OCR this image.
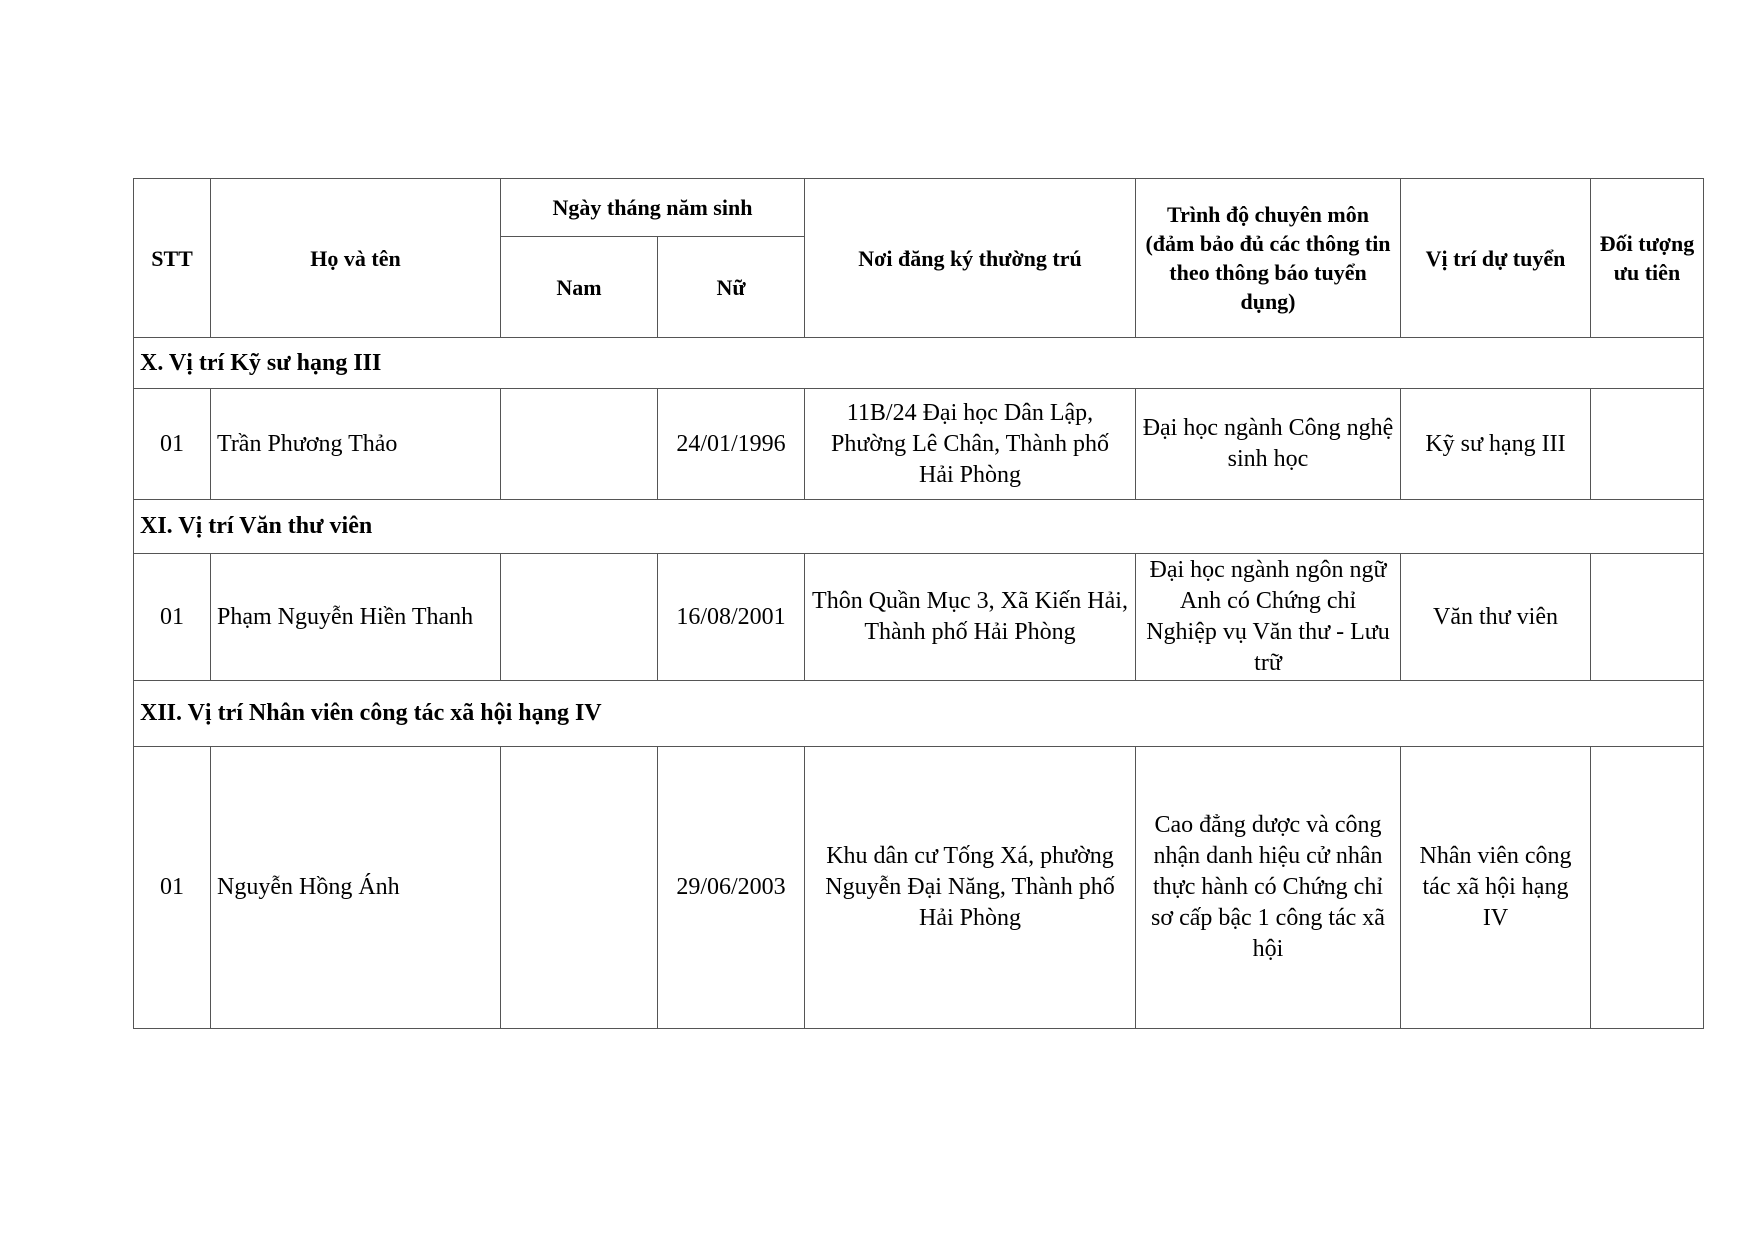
STT	Họ và tên	Ngày tháng năm sinh		Nơi đăng ký thường trú	Trình độ chuyên môn (đảm bảo đủ các thông tin theo thông báo tuyển dụng)	Vị trí dự tuyển	Đối tượng ưu tiên
		Nam	Nữ				
X. Vị trí Kỹ sư hạng III							
01	Trần Phương Thảo		24/01/1996	11B/24 Đại học Dân Lập, Phường Lê Chân, Thành phố Hải Phòng	Đại học ngành Công nghệ sinh học	Kỹ sư hạng III	
XI. Vị trí Văn thư viên							
01	Phạm Nguyễn Hiền Thanh		16/08/2001	Thôn Quần Mục 3, Xã Kiến Hải, Thành phố Hải Phòng	Đại học ngành ngôn ngữ Anh có Chứng chỉ Nghiệp vụ Văn thư - Lưu trữ	Văn thư viên	
XII. Vị trí Nhân viên công tác xã hội hạng IV							
01	Nguyễn Hồng Ánh		29/06/2003	Khu dân cư Tống Xá, phường Nguyễn Đại Năng, Thành phố Hải Phòng	Cao đẳng dược và công nhận danh hiệu cử nhân thực hành có Chứng chỉ sơ cấp bậc 1 công tác xã hội	Nhân viên công tác xã hội hạng IV	
